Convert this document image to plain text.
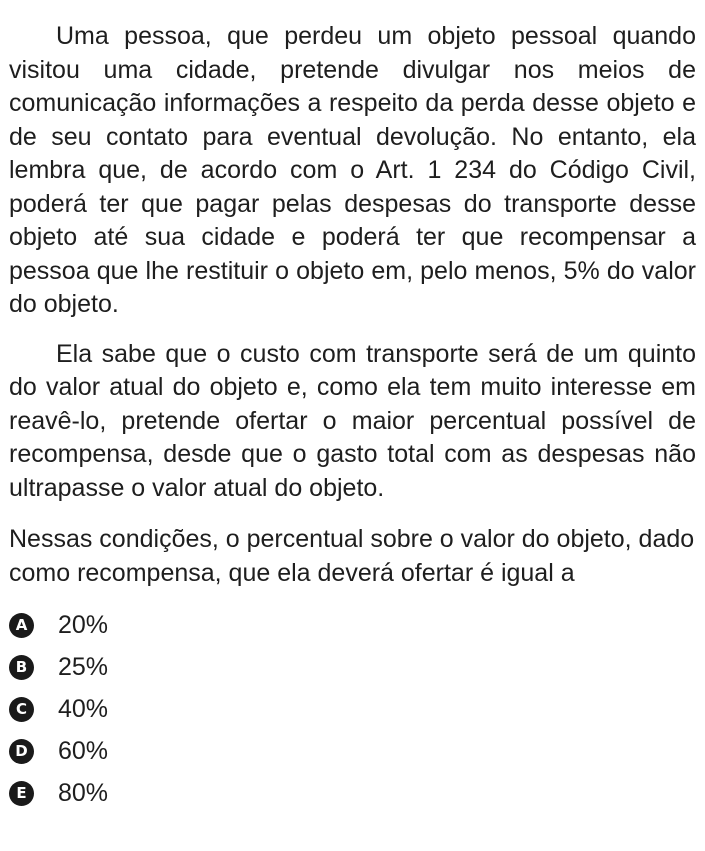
Uma pessoa, que perdeu um objeto pessoal quando visitou uma cidade, pretende divulgar nos meios de comunicação informações a respeito da perda desse objeto e de seu contato para eventual devolução. No entanto, ela lembra que, de acordo com o Art. 1 234 do Código Civil, poderá ter que pagar pelas despesas do transporte desse objeto até sua cidade e poderá ter que recompensar a pessoa que lhe restituir o objeto em, pelo menos, 5% do valor do objeto.

Ela sabe que o custo com transporte será de um quinto do valor atual do objeto e, como ela tem muito interesse em reavê-lo, pretende ofertar o maior percentual possível de recompensa, desde que o gasto total com as despesas não ultrapasse o valor atual do objeto.

Nessas condições, o percentual sobre o valor do objeto, dado como recompensa, que ela deverá ofertar é igual a

A 20%
B 25%
C 40%
D 60%
E 80%
